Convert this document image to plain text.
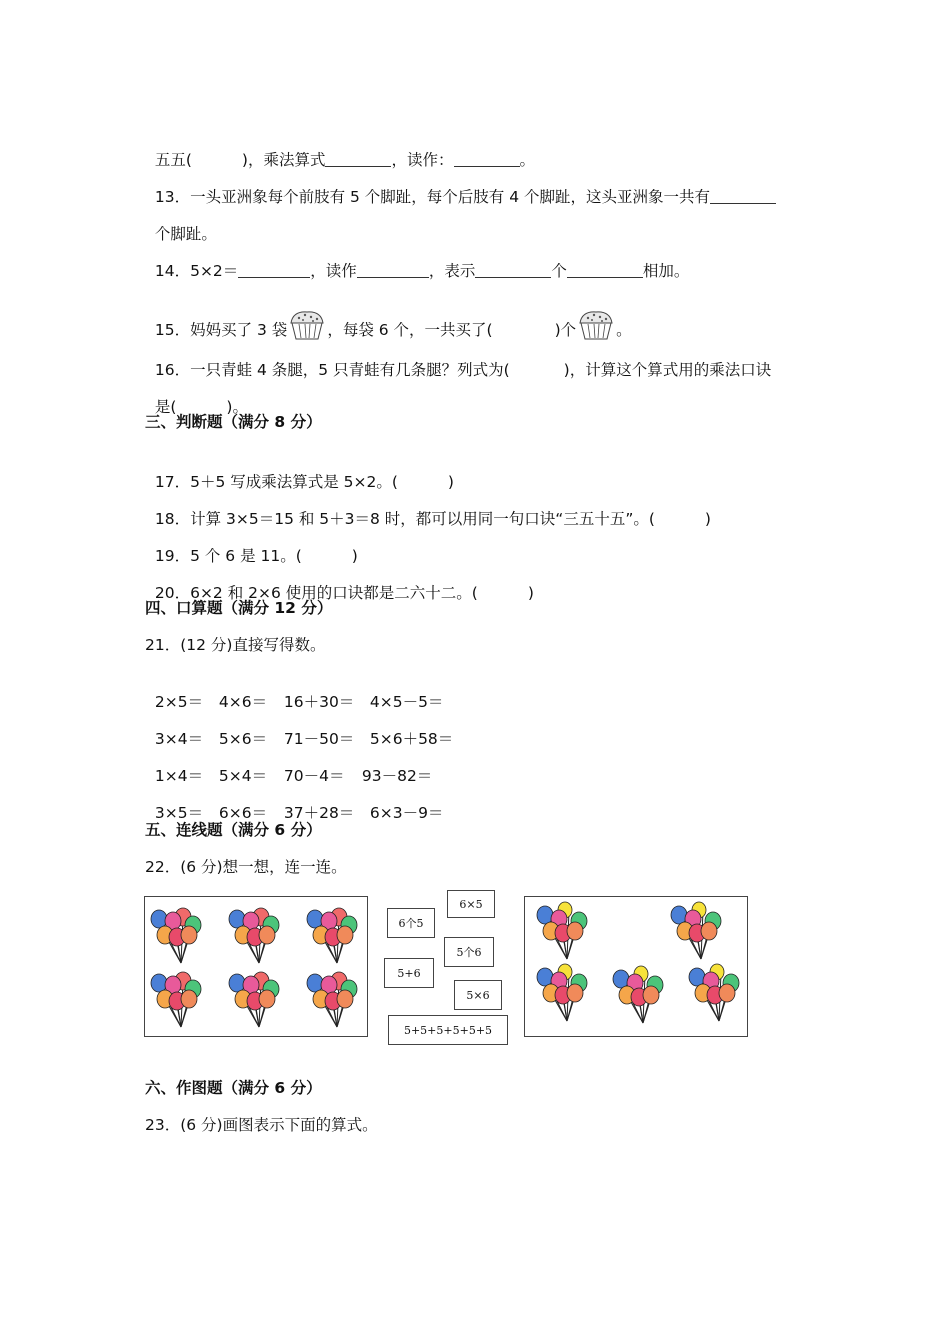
五五(	)，乘法算式	，读作：	。

13．一头亚洲象每个前肢有 5 个脚趾，每个后肢有 4 个脚趾，这头亚洲象一共有

个脚趾。

14．5×2＝	，读作	，表示	个	相加。

15．妈妈买了 3 袋	，每袋 6 个，一共买了(	)个	。

16．一只青蛙 4 条腿，5 只青蛙有几条腿？列式为(	)，计算这个算式用的乘法口诀

是(	)。

三、判断题（满分 8 分）

17．5＋5 写成乘法算式是 5×2。(	)

18．计算 3×5＝15 和 5＋3＝8 时，都可以用同一句口诀“三五十五”。(	)

19．5 个 6 是 11。(	)

20．6×2 和 2×6 使用的口诀都是二六十二。(	)

四、口算题（满分 12 分）
21．(12 分)直接写得数。

2×5＝ 4×6＝ 16＋30＝ 4×5－5＝

3×4＝ 5×6＝ 71－50＝ 5×6＋58＝

1×4＝ 5×4＝ 70－4＝ 93－82＝

3×5＝ 6×6＝ 37＋28＝ 6×3－9＝

五、连线题（满分 6 分）
22．(6 分)想一想，连一连。
6×5
6个5
5个6
5+6
5×6
5+5+5+5+5+5
六、作图题（满分 6 分）
23．(6 分)画图表示下面的算式。
